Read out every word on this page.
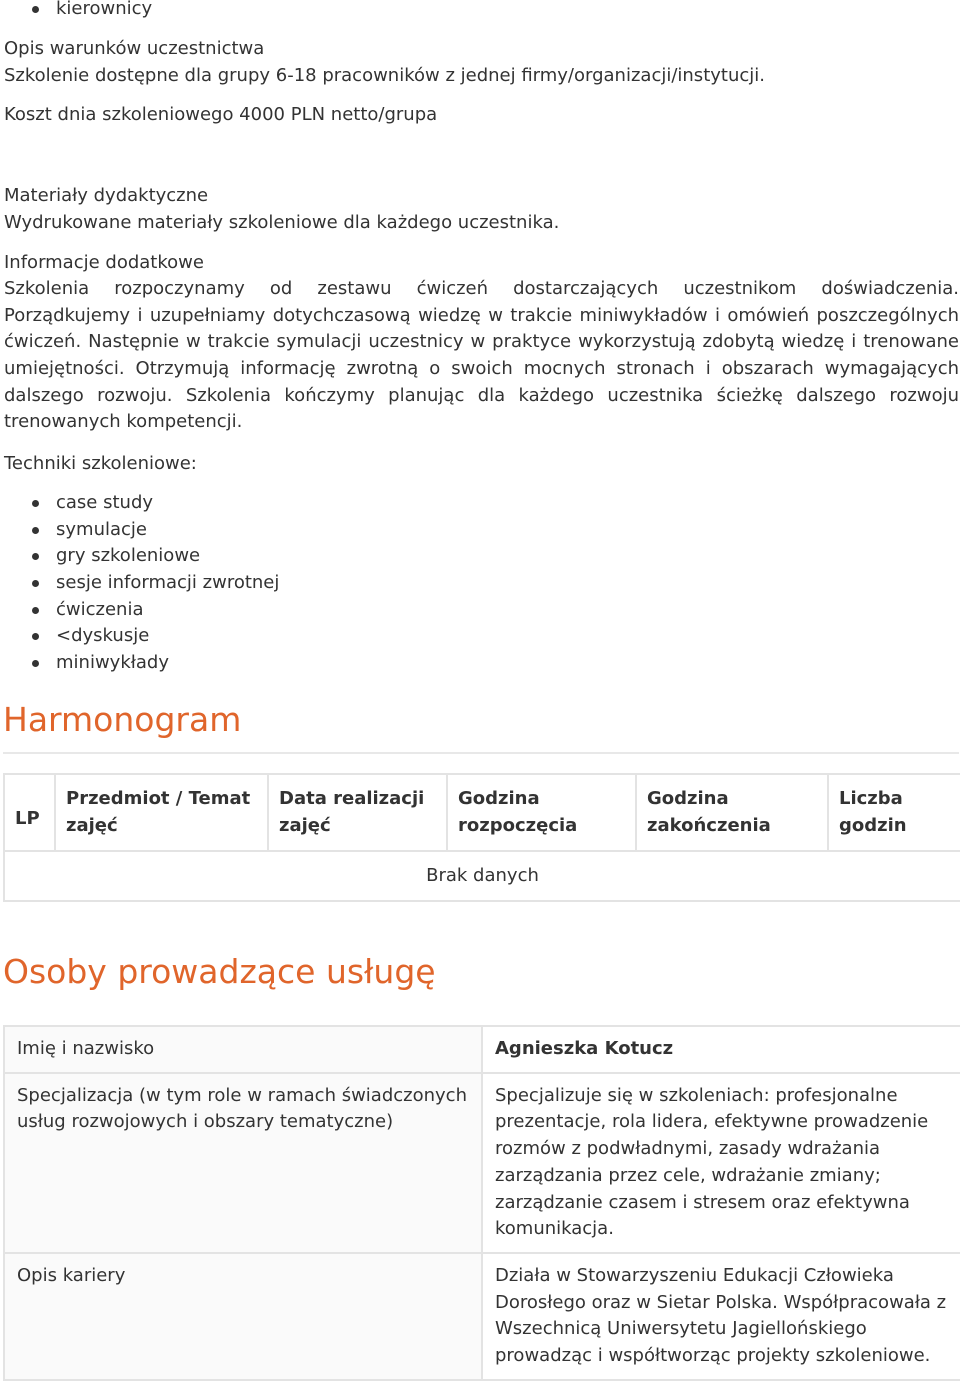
kierownicy
Opis warunków uczestnictwa
Szkolenie dostępne dla grupy 6-18 pracowników z jednej firmy/organizacji/instytucji.
Koszt dnia szkoleniowego 4000 PLN netto/grupa
Materiały dydaktyczne
Wydrukowane materiały szkoleniowe dla każdego uczestnika.
Informacje dodatkowe
Szkolenia rozpoczynamy od zestawu ćwiczeń dostarczających uczestnikom doświadczenia.
Porządkujemy i uzupełniamy dotychczasową wiedzę w trakcie miniwykładów i omówień poszczególnych
ćwiczeń. Następnie w trakcie symulacji uczestnicy w praktyce wykorzystują zdobytą wiedzę i trenowane
umiejętności. Otrzymują informację zwrotną o swoich mocnych stronach i obszarach wymagających
dalszego rozwoju. Szkolenia kończymy planując dla każdego uczestnika ścieżkę dalszego rozwoju
trenowanych kompetencji.
Techniki szkoleniowe:
case study
symulacje
gry szkoleniowe
sesje informacji zwrotnej
ćwiczenia
<dyskusje
miniwykłady
Harmonogram
LP	Przedmiot / Temat zajęć	Data realizacji zajęć	Godzina rozpoczęcia	Godzina zakończenia	Liczba godzin
Brak danych
Osoby prowadzące usługę
Imię i nazwisko	Agnieszka Kotucz
Specjalizacja (w tym role w ramach świadczonych usług rozwojowych i obszary tematyczne)	Specjalizuje się w szkoleniach: profesjonalne prezentacje, rola lidera, efektywne prowadzenie rozmów z podwładnymi, zasady wdrażania zarządzania przez cele, wdrażanie zmiany; zarządzanie czasem i stresem oraz efektywna komunikacja.
Opis kariery	Działa w Stowarzyszeniu Edukacji Człowieka Dorosłego oraz w Sietar Polska. Współpracowała z Wszechnicą Uniwersytetu Jagiellońskiego prowadząc i współtworząc projekty szkoleniowe.
